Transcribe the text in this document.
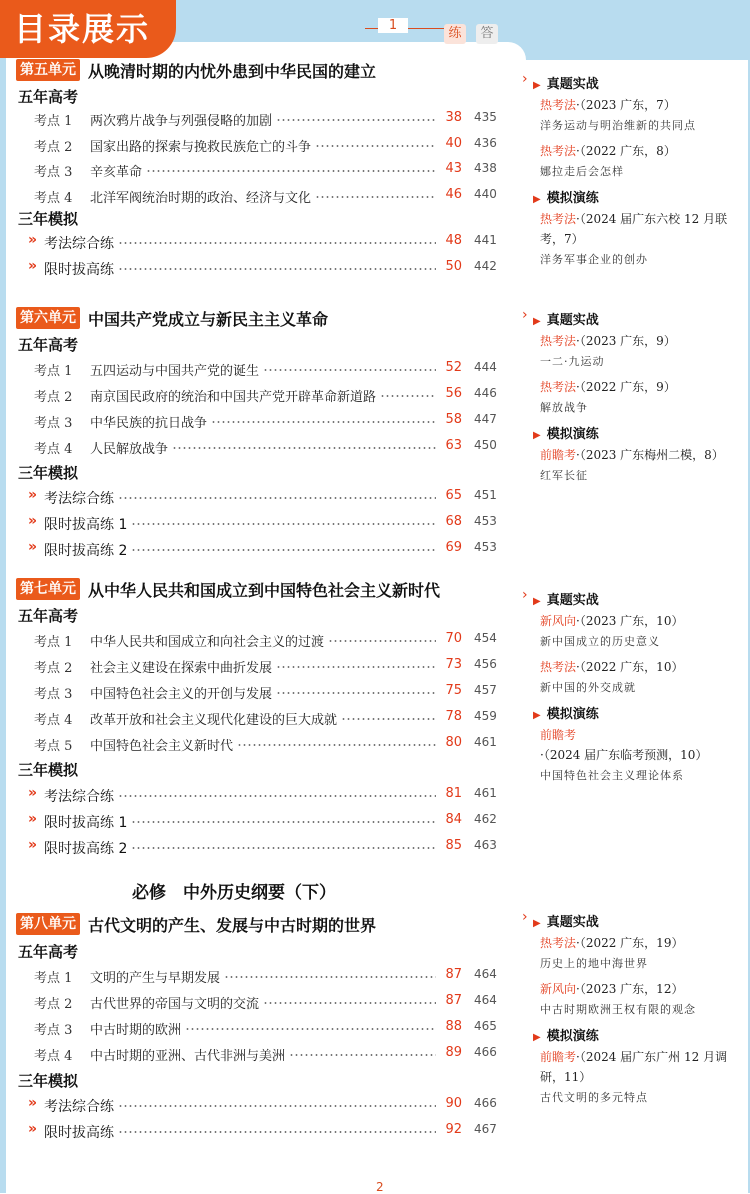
目录展示	1
练	答
第五单元 从晚清时期的内忧外患到中华民国的建立
五年高考
考点 1 两次鸦片战争与列强侵略的加剧	38 435
考点 2 国家出路的探索与挽救民族危亡的斗争	40 436
考点 3 辛亥革命	43 438
考点 4 北洋军阀统治时期的政治、经济与文化	46 440
三年模拟
» 考法综合练	48 441
» 限时拔高练	50 442
第六单元 中国共产党成立与新民主主义革命
五年高考
考点 1 五四运动与中国共产党的诞生	52 444
考点 2 南京国民政府的统治和中国共产党开辟革命新道路	56 446
考点 3 中华民族的抗日战争	58 447
考点 4 人民解放战争	63 450
三年模拟
» 考法综合练	65 451
» 限时拔高练 1	68 453
» 限时拔高练 2	69 453
第七单元 从中华人民共和国成立到中国特色社会主义新时代
五年高考
考点 1 中华人民共和国成立和向社会主义的过渡	70 454
考点 2 社会主义建设在探索中曲折发展	73 456
考点 3 中国特色社会主义的开创与发展	75 457
考点 4 改革开放和社会主义现代化建设的巨大成就	78 459
考点 5 中国特色社会主义新时代	80 461
三年模拟
» 考法综合练	81 461
» 限时拔高练 1	84 462
» 限时拔高练 2	85 463
第八单元 古代文明的产生、发展与中古时期的世界
五年高考
考点 1 文明的产生与早期发展	87 464
考点 2 古代世界的帝国与文明的交流	87 464
考点 3 中古时期的欧洲	88 465
考点 4 中古时期的亚洲、古代非洲与美洲	89 466
三年模拟
» 考法综合练	90 466
» 限时拔高练	92 467
› ▶ 真题实战
热考法·（2023 广东，7）
洋务运动与明治维新的共同点
热考法·（2022 广东，8）
娜拉走后会怎样
▶ 模拟演练
热考法·（2024 届广东六校 12 月联考，7）
洋务军事企业的创办
› ▶ 真题实战
热考法·（2023 广东，9）
一二·九运动
热考法·（2022 广东，9）
解放战争
▶ 模拟演练
前瞻考·（2023 广东梅州二模，8）
红军长征
› ▶ 真题实战
新风向·（2023 广东，10）
新中国成立的历史意义
热考法·（2022 广东，10）
新中国的外交成就
▶ 模拟演练
前瞻考·（2024 届广东临考预测，10）
中国特色社会主义理论体系
› ▶ 真题实战
热考法·（2022 广东，19）
历史上的地中海世界
新风向·（2023 广东，12）
中古时期欧洲王权有限的观念
▶ 模拟演练
前瞻考·（2024 届广东广州 12 月调研，11）
古代文明的多元特点
必修　中外历史纲要（下）
2
